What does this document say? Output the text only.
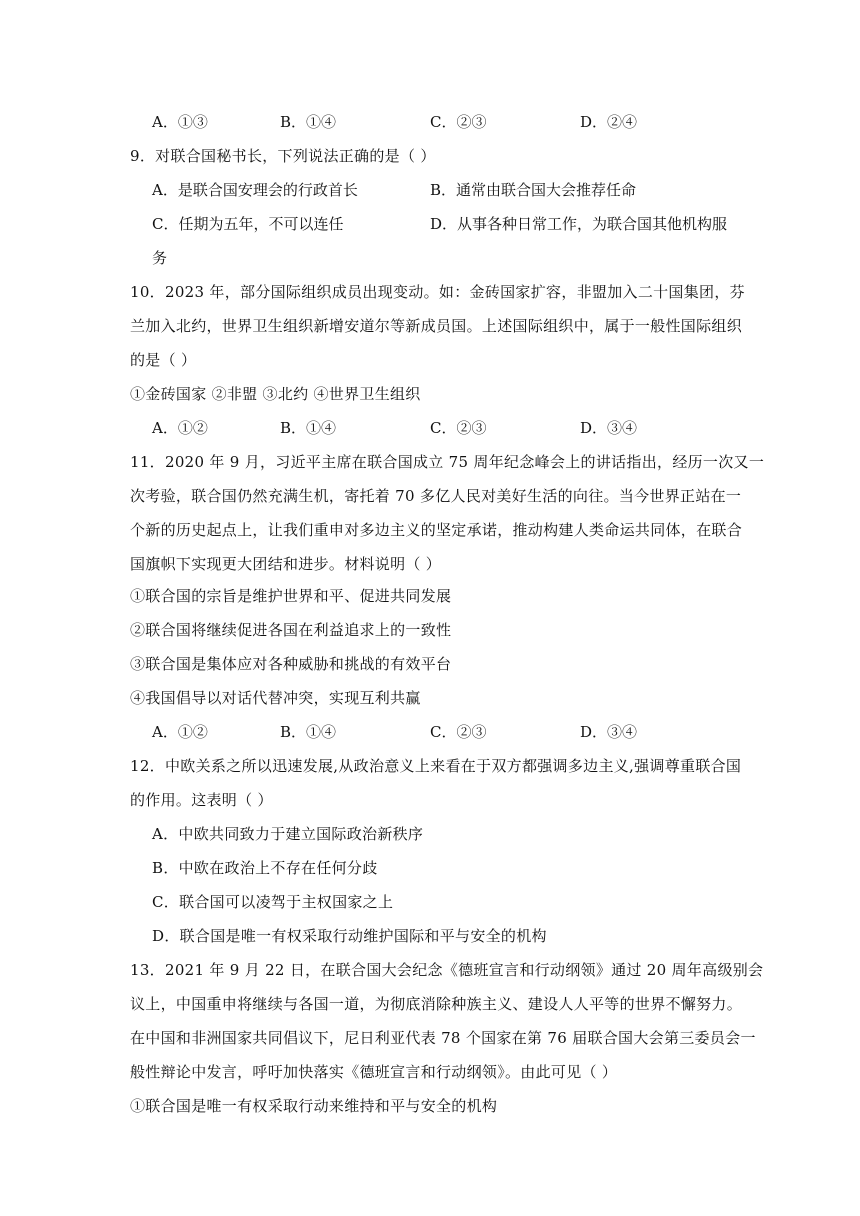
A．①③	B．①④	C．②③	D．②④
9．对联合国秘书长，下列说法正确的是（ ）
A．是联合国安理会的行政首长	B．通常由联合国大会推荐任命
C．任期为五年，不可以连任	D．从事各种日常工作，为联合国其他机构服
务
10．2023 年，部分国际组织成员出现变动。如：金砖国家扩容，非盟加入二十国集团，芬
兰加入北约，世界卫生组织新增安道尔等新成员国。上述国际组织中，属于一般性国际组织
的是（ ）
①金砖国家 ②非盟 ③北约 ④世界卫生组织
A．①②	B．①④	C．②③	D．③④
11．2020 年 9 月，习近平主席在联合国成立 75 周年纪念峰会上的讲话指出，经历一次又一
次考验，联合国仍然充满生机，寄托着 70 多亿人民对美好生活的向往。当今世界正站在一
个新的历史起点上，让我们重申对多边主义的坚定承诺，推动构建人类命运共同体，在联合
国旗帜下实现更大团结和进步。材料说明（ ）
①联合国的宗旨是维护世界和平、促进共同发展
②联合国将继续促进各国在利益追求上的一致性
③联合国是集体应对各种威胁和挑战的有效平台
④我国倡导以对话代替冲突，实现互利共赢
A．①②	B．①④	C．②③	D．③④
12．中欧关系之所以迅速发展,从政治意义上来看在于双方都强调多边主义,强调尊重联合国
的作用。这表明（ ）
A．中欧共同致力于建立国际政治新秩序
B．中欧在政治上不存在任何分歧
C．联合国可以凌驾于主权国家之上
D．联合国是唯一有权采取行动维护国际和平与安全的机构
13．2021 年 9 月 22 日，在联合国大会纪念《德班宣言和行动纲领》通过 20 周年高级别会
议上，中国重申将继续与各国一道，为彻底消除种族主义、建设人人平等的世界不懈努力。
在中国和非洲国家共同倡议下，尼日利亚代表 78 个国家在第 76 届联合国大会第三委员会一
般性辩论中发言，呼吁加快落实《德班宣言和行动纲领》。由此可见（ ）
①联合国是唯一有权采取行动来维持和平与安全的机构
